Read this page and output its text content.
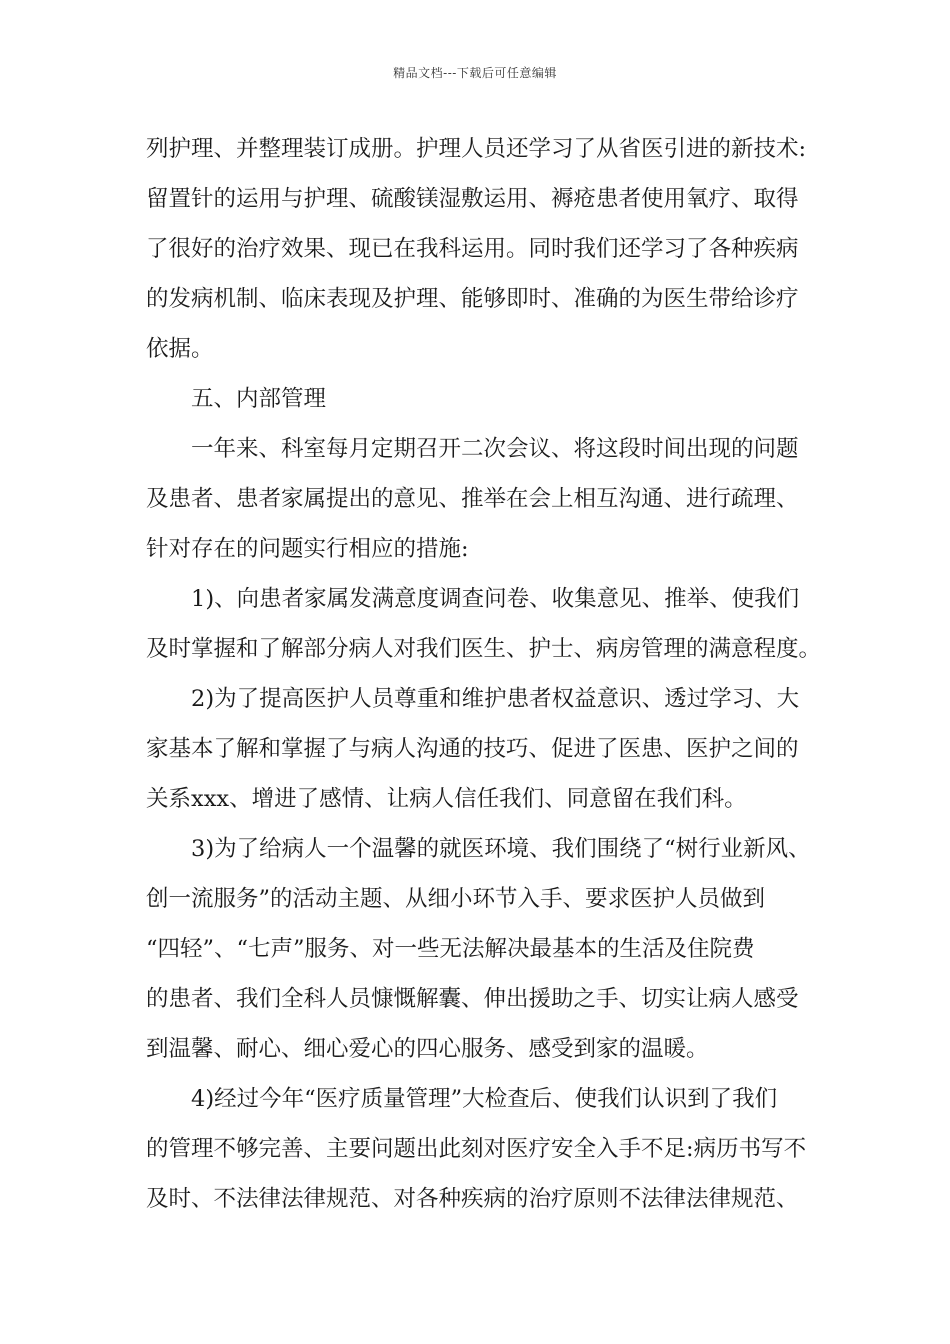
精品文档---下载后可任意编辑

列护理、并整理装订成册。护理人员还学习了从省医引进的新技术:

留置针的运用与护理、硫酸镁湿敷运用、褥疮患者使用氧疗、取得

了很好的治疗效果、现已在我科运用。同时我们还学习了各种疾病

的发病机制、临床表现及护理、能够即时、准确的为医生带给诊疗

依据。

五、内部管理

一年来、科室每月定期召开二次会议、将这段时间出现的问题

及患者、患者家属提出的意见、推举在会上相互沟通、进行疏理、

针对存在的问题实行相应的措施:

1)、向患者家属发满意度调查问卷、收集意见、推举、使我们

及时掌握和了解部分病人对我们医生、护士、病房管理的满意程度。

2)为了提高医护人员尊重和维护患者权益意识、透过学习、大

家基本了解和掌握了与病人沟通的技巧、促进了医患、医护之间的

关系xxx、增进了感情、让病人信任我们、同意留在我们科。

3)为了给病人一个温馨的就医环境、我们围绕了“树行业新风、

创一流服务”的活动主题、从细小环节入手、要求医护人员做到

“四轻”、“七声”服务、对一些无法解决最基本的生活及住院费

的患者、我们全科人员慷慨解囊、伸出援助之手、切实让病人感受

到温馨、耐心、细心爱心的四心服务、感受到家的温暖。

4)经过今年“医疗质量管理”大检查后、使我们认识到了我们

的管理不够完善、主要问题出此刻对医疗安全入手不足:病历书写不

及时、不法律法律规范、对各种疾病的治疗原则不法律法律规范、
